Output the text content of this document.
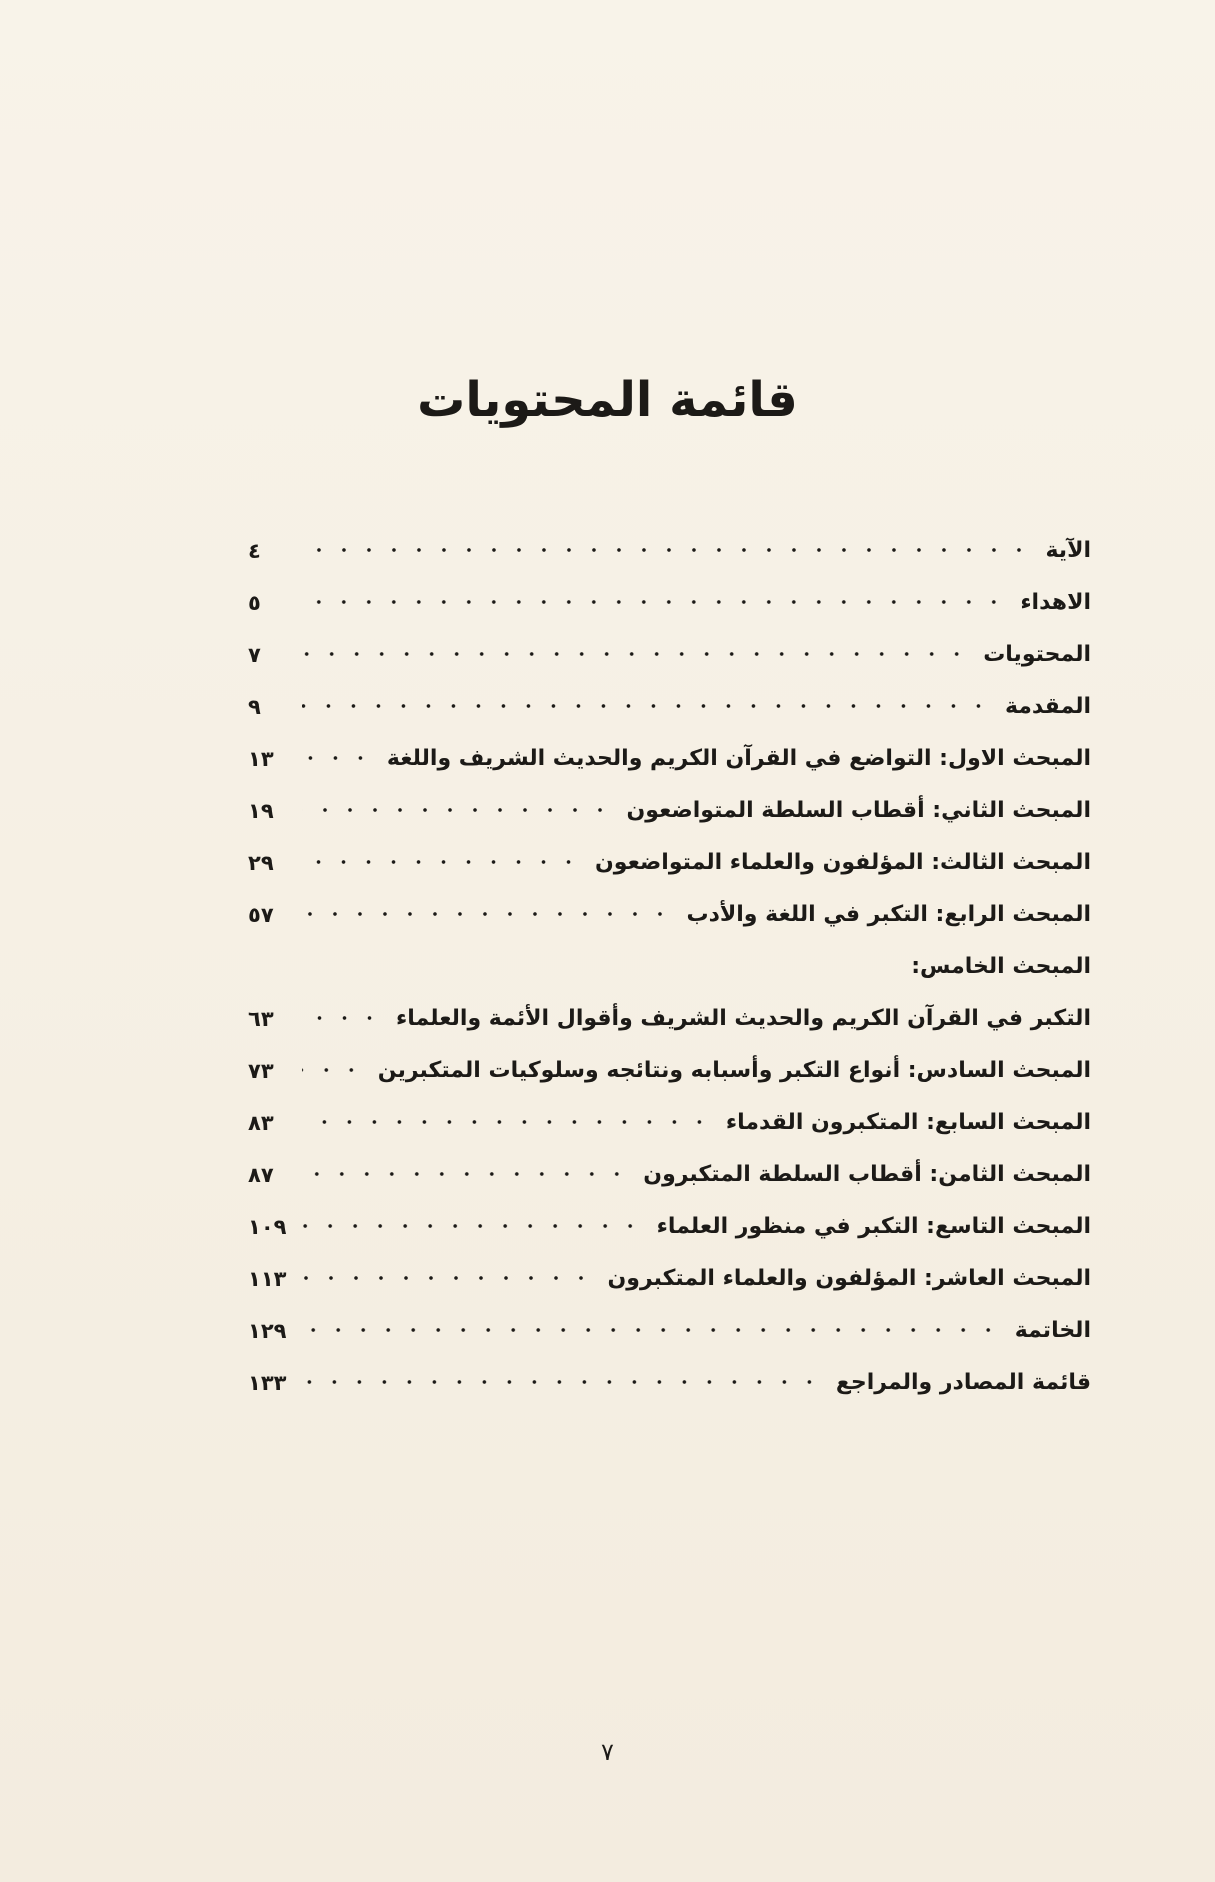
قائمة المحتويات
الآية
٤
الاهداء
٥
المحتويات
٧
المقدمة
٩
المبحث الاول: التواضع في القرآن الكريم والحديث الشريف واللغة
١٣
المبحث الثاني: أقطاب السلطة المتواضعون
١٩
المبحث الثالث: المؤلفون والعلماء المتواضعون
٢٩
المبحث الرابع: التكبر في اللغة والأدب
٥٧
المبحث الخامس:
التكبر في القرآن الكريم والحديث الشريف وأقوال الأئمة والعلماء
٦٣
المبحث السادس: أنواع التكبر وأسبابه ونتائجه وسلوكيات المتكبرين
٧٣
المبحث السابع: المتكبرون القدماء
٨٣
المبحث الثامن: أقطاب السلطة المتكبرون
٨٧
المبحث التاسع: التكبر في منظور العلماء
١٠٩
المبحث العاشر: المؤلفون والعلماء المتكبرون
١١٣
الخاتمة
١٢٩
قائمة المصادر والمراجع
١٣٣
٧
